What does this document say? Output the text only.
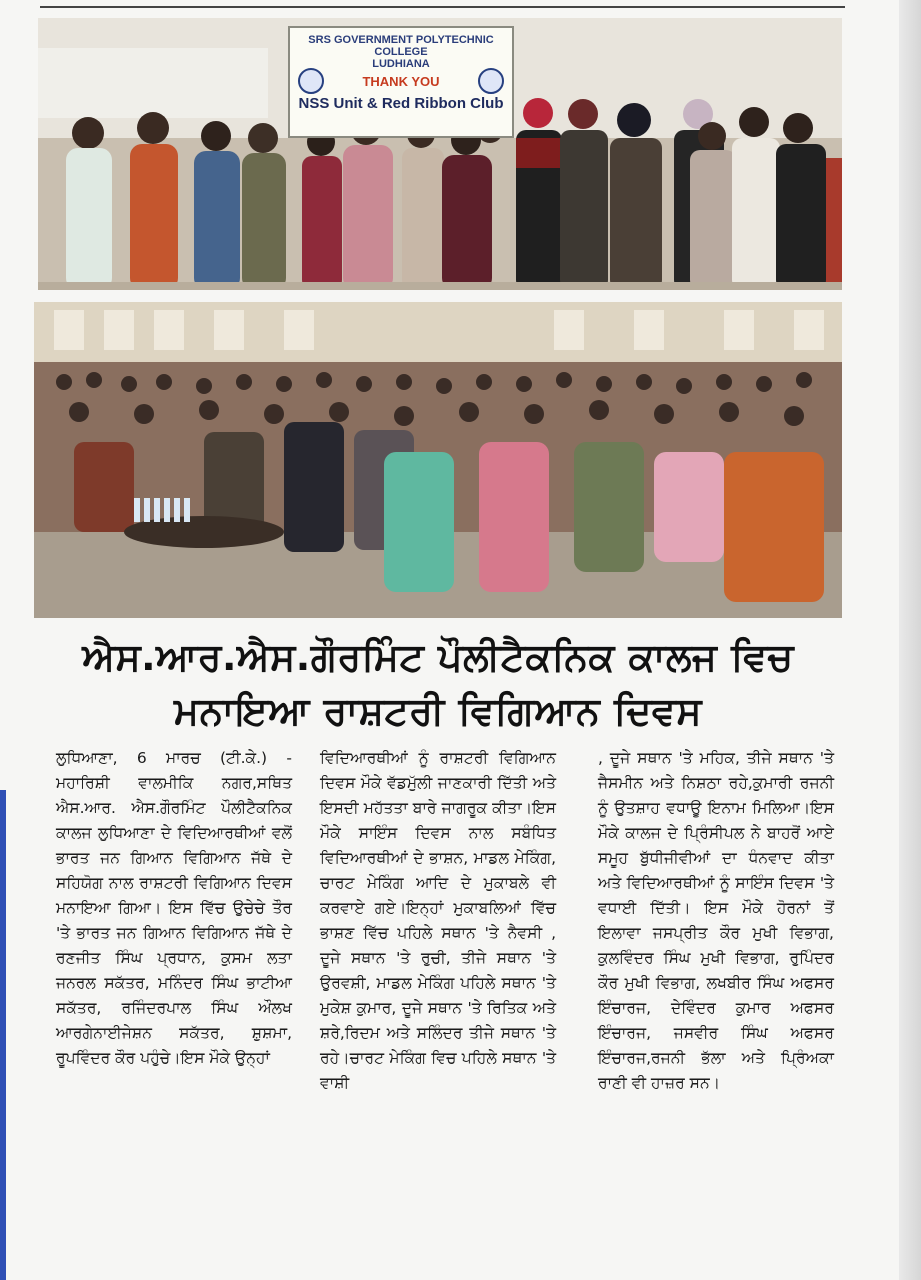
SRS GOVERNMENT POLYTECHNIC COLLEGE
LUDHIANA
THANK YOU
NSS Unit & Red Ribbon Club
ਐਸ.ਆਰ.ਐਸ.ਗੌਰਮਿੰਟ ਪੌਲੀਟੈਕਨਿਕ ਕਾਲਜ ਵਿਚ
ਮਨਾਇਆ ਰਾਸ਼ਟਰੀ ਵਿਗਿਆਨ ਦਿਵਸ
ਲੁਧਿਆਣਾ, 6 ਮਾਰਚ (ਟੀ.ਕੇ.) - ਮਹਾਰਿਸ਼ੀ ਵਾਲਮੀਕਿ ਨਗਰ,ਸਥਿਤ ਐਸ.ਆਰ. ਐਸ.ਗੌਰਮਿੰਟ ਪੌਲੀਟੈਕਨਿਕ ਕਾਲਜ ਲੁਧਿਆਣਾ ਦੇ ਵਿਦਿਆਰਥੀਆਂ ਵਲੋਂ ਭਾਰਤ ਜਨ ਗਿਆਨ ਵਿਗਿਆਨ ਜੱਥੇ ਦੇ ਸਹਿਯੋਗ ਨਾਲ ਰਾਸ਼ਟਰੀ ਵਿਗਿਆਨ ਦਿਵਸ ਮਨਾਇਆ ਗਿਆ। ਇਸ ਵਿੱਚ ਉਚੇਚੇ ਤੌਰ 'ਤੇ ਭਾਰਤ ਜਨ ਗਿਆਨ ਵਿਗਿਆਨ ਜੱਥੇ ਦੇ ਰਣਜੀਤ ਸਿੰਘ ਪ੍ਰਧਾਨ, ਕੁਸਮ ਲਤਾ ਜਨਰਲ ਸਕੱਤਰ, ਮਨਿੰਦਰ ਸਿੰਘ ਭਾਟੀਆ ਸਕੱਤਰ, ਰਜਿੰਦਰਪਾਲ ਸਿੰਘ ਔਲਖ ਆਰਗੇਨਾਈਜੇਸ਼ਨ ਸਕੱਤਰ, ਸ਼ੁਸ਼ਮਾ, ਰੂਪਵਿੰਦਰ ਕੌਰ ਪਹੁੰਚੇ।ਇਸ ਮੌਕੇ ਉਨ੍ਹਾਂ
ਵਿਦਿਆਰਥੀਆਂ ਨੂੰ ਰਾਸ਼ਟਰੀ ਵਿਗਿਆਨ ਦਿਵਸ ਮੌਕੇ ਵੱਡਮੁੱਲੀ ਜਾਣਕਾਰੀ ਦਿੱਤੀ ਅਤੇ ਇਸਦੀ ਮਹੱਤਤਾ ਬਾਰੇ ਜਾਗਰੂਕ ਕੀਤਾ।ਇਸ ਮੌਕੇ ਸਾਇੰਸ ਦਿਵਸ ਨਾਲ ਸਬੰਧਿਤ ਵਿਦਿਆਰਥੀਆਂ ਦੇ ਭਾਸ਼ਨ, ਮਾਡਲ ਮੇਕਿੰਗ, ਚਾਰਟ ਮੇਕਿੰਗ ਆਦਿ ਦੇ ਮੁਕਾਬਲੇ ਵੀ ਕਰਵਾਏ ਗਏ।ਇਨ੍ਹਾਂ ਮੁਕਾਬਲਿਆਂ ਵਿੱਚ ਭਾਸ਼ਣ ਵਿੱਚ ਪਹਿਲੇ ਸਥਾਨ 'ਤੇ ਨੈਵਸੀ , ਦੂਜੇ ਸਥਾਨ 'ਤੇ ਰੁਚੀ, ਤੀਜੇ ਸਥਾਨ 'ਤੇ ਉਰਵਸ਼ੀ, ਮਾਡਲ ਮੇਕਿੰਗ ਪਹਿਲੇ ਸਥਾਨ 'ਤੇ ਮੁਕੇਸ਼ ਕੁਮਾਰ, ਦੂਜੇ ਸਥਾਨ 'ਤੇ ਰਿਤਿਕ ਅਤੇ ਸ਼ਰੇ,ਰਿਦਮ ਅਤੇ ਸਲਿੰਦਰ ਤੀਜੇ ਸਥਾਨ 'ਤੇ ਰਹੇ।ਚਾਰਟ ਮੇਕਿੰਗ ਵਿਚ ਪਹਿਲੇ ਸਥਾਨ 'ਤੇ ਵਾਸ਼ੀ
, ਦੂਜੇ ਸਥਾਨ 'ਤੇ ਮਹਿਕ, ਤੀਜੇ ਸਥਾਨ 'ਤੇ ਜੈਸਮੀਨ ਅਤੇ ਨਿਸ਼ਠਾ ਰਹੇ,ਕੁਮਾਰੀ ਰਜਨੀ ਨੂੰ ਉਤਸ਼ਾਹ ਵਧਾਊ ਇਨਾਮ ਮਿਲਿਆ।ਇਸ ਮੌਕੇ ਕਾਲਜ ਦੇ ਪ੍ਰਿੰਸੀਪਲ ਨੇ ਬਾਹਰੋਂ ਆਏ ਸਮੂਹ ਬੁੱਧੀਜੀਵੀਆਂ ਦਾ ਧੰਨਵਾਦ ਕੀਤਾ ਅਤੇ ਵਿਦਿਆਰਥੀਆਂ ਨੂੰ ਸਾਇੰਸ ਦਿਵਸ 'ਤੇ ਵਧਾਈ ਦਿੱਤੀ। ਇਸ ਮੌਕੇ ਹੋਰਨਾਂ ਤੋਂ ਇਲਾਵਾ ਜਸਪ੍ਰੀਤ ਕੌਰ ਮੁਖੀ ਵਿਭਾਗ, ਕੁਲਵਿੰਦਰ ਸਿੰਘ ਮੁਖੀ ਵਿਭਾਗ, ਰੁਪਿੰਦਰ ਕੌਰ ਮੁਖੀ ਵਿਭਾਗ, ਲਖਬੀਰ ਸਿੰਘ ਅਫਸਰ ਇੰਚਾਰਜ, ਦੇਵਿੰਦਰ ਕੁਮਾਰ ਅਫਸਰ ਇੰਚਾਰਜ, ਜਸਵੀਰ ਸਿੰਘ ਅਫਸਰ ਇੰਚਾਰਜ,ਰਜਨੀ ਭੱਲਾ ਅਤੇ ਪ੍ਰਿੰਅਕਾ ਰਾਣੀ ਵੀ ਹਾਜ਼ਰ ਸਨ।
